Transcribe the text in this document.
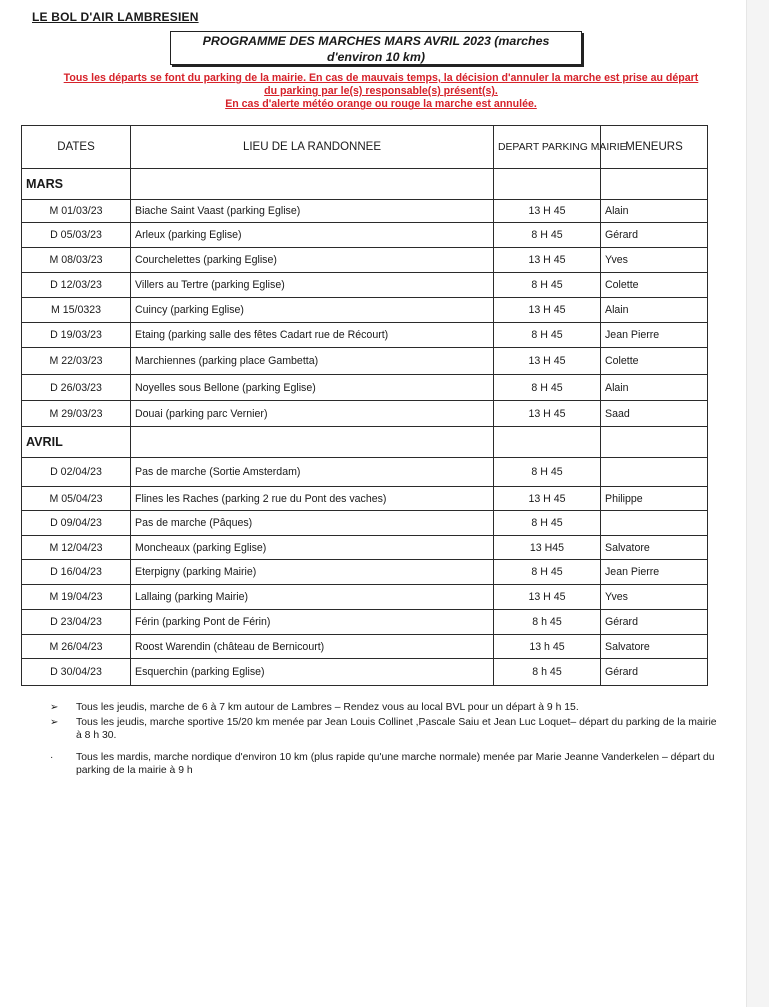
LE BOL D'AIR LAMBRESIEN
PROGRAMME DES MARCHES MARS AVRIL 2023 (marches
d'environ 10 km)
Tous les départs se font du parking de la mairie. En cas de mauvais temps, la décision d'annuler la marche est prise au départ
du parking par le(s) responsable(s) présent(s).
En cas d'alerte météo orange ou rouge la marche est annulée.
DATES	LIEU DE LA RANDONNEE	DEPART PARKING MAIRIE	MENEURS
MARS			
M 01/03/23	Biache Saint Vaast (parking Eglise)	13 H 45	Alain
D 05/03/23	Arleux (parking Eglise)	8 H 45	Gérard
M 08/03/23	Courchelettes (parking Eglise)	13 H 45	Yves
D 12/03/23	Villers au Tertre (parking Eglise)	8 H 45	Colette
M 15/0323	Cuincy (parking Eglise)	13 H 45	Alain
D 19/03/23	Etaing (parking salle des fêtes Cadart rue de Récourt)	8 H 45	Jean Pierre
M 22/03/23	Marchiennes (parking place Gambetta)	13 H 45	Colette
D 26/03/23	Noyelles sous Bellone (parking Eglise)	8 H 45	Alain
M 29/03/23	Douai (parking parc Vernier)	13 H 45	Saad
AVRIL			
D 02/04/23	Pas de marche (Sortie Amsterdam)	8 H 45	
M 05/04/23	Flines les Raches (parking 2 rue du Pont des vaches)	13 H 45	Philippe
D 09/04/23	Pas de marche (Pâques)	8 H 45	
M 12/04/23	Moncheaux (parking Eglise)	13 H45	Salvatore
D 16/04/23	Eterpigny (parking Mairie)	8 H 45	Jean Pierre
M 19/04/23	Lallaing (parking Mairie)	13 H 45	Yves
D 23/04/23	Férin (parking Pont de Férin)	8 h 45	Gérard
M 26/04/23	Roost Warendin (château de Bernicourt)	13 h 45	Salvatore
D 30/04/23	Esquerchin (parking Eglise)	8 h 45	Gérard
➢ Tous les jeudis, marche de 6 à 7 km autour de Lambres – Rendez vous au local BVL pour un départ à 9 h 15.
➢ Tous les jeudis, marche sportive 15/20 km menée par Jean Louis Collinet ,Pascale Saiu et Jean Luc Loquet– départ du parking de la mairie à 8 h 30.
· Tous les mardis, marche nordique d'environ 10 km (plus rapide qu'une marche normale) menée par Marie Jeanne Vanderkelen – départ du parking de la mairie à 9 h
